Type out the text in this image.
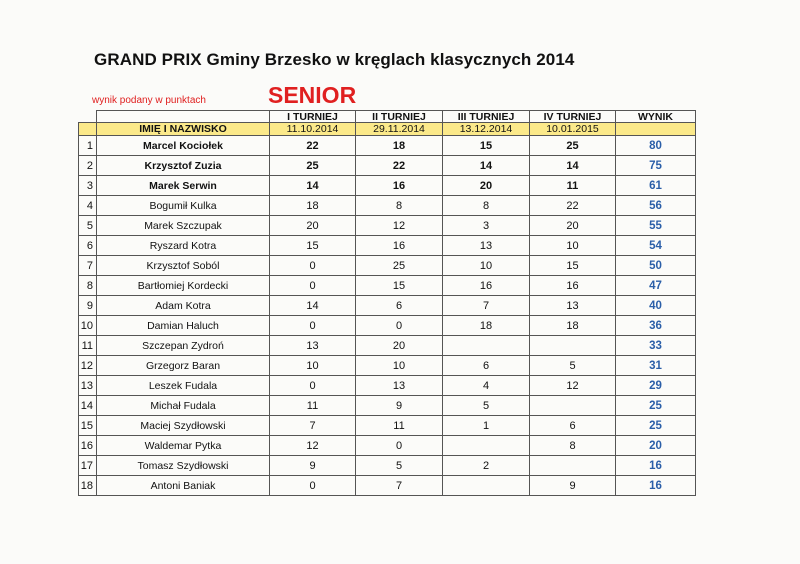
GRAND PRIX Gminy Brzesko w kręglach klasycznych 2014
wynik podany w punktach	SENIOR
		I TURNIEJ	II TURNIEJ	III TURNIEJ	IV TURNIEJ	WYNIK
	IMIĘ I NAZWISKO	11.10.2014	29.11.2014	13.12.2014	10.01.2015	
1	Marcel Kociołek	22	18	15	25	80
2	Krzysztof Zuzia	25	22	14	14	75
3	Marek Serwin	14	16	20	11	61
4	Bogumił Kulka	18	8	8	22	56
5	Marek Szczupak	20	12	3	20	55
6	Ryszard Kotra	15	16	13	10	54
7	Krzysztof Soból	0	25	10	15	50
8	Bartłomiej Kordecki	0	15	16	16	47
9	Adam Kotra	14	6	7	13	40
10	Damian Haluch	0	0	18	18	36
11	Szczepan Zydroń	13	20			33
12	Grzegorz Baran	10	10	6	5	31
13	Leszek Fudala	0	13	4	12	29
14	Michał Fudala	11	9	5		25
15	Maciej Szydłowski	7	11	1	6	25
16	Waldemar Pytka	12	0		8	20
17	Tomasz Szydłowski	9	5	2		16
18	Antoni Baniak	0	7		9	16
